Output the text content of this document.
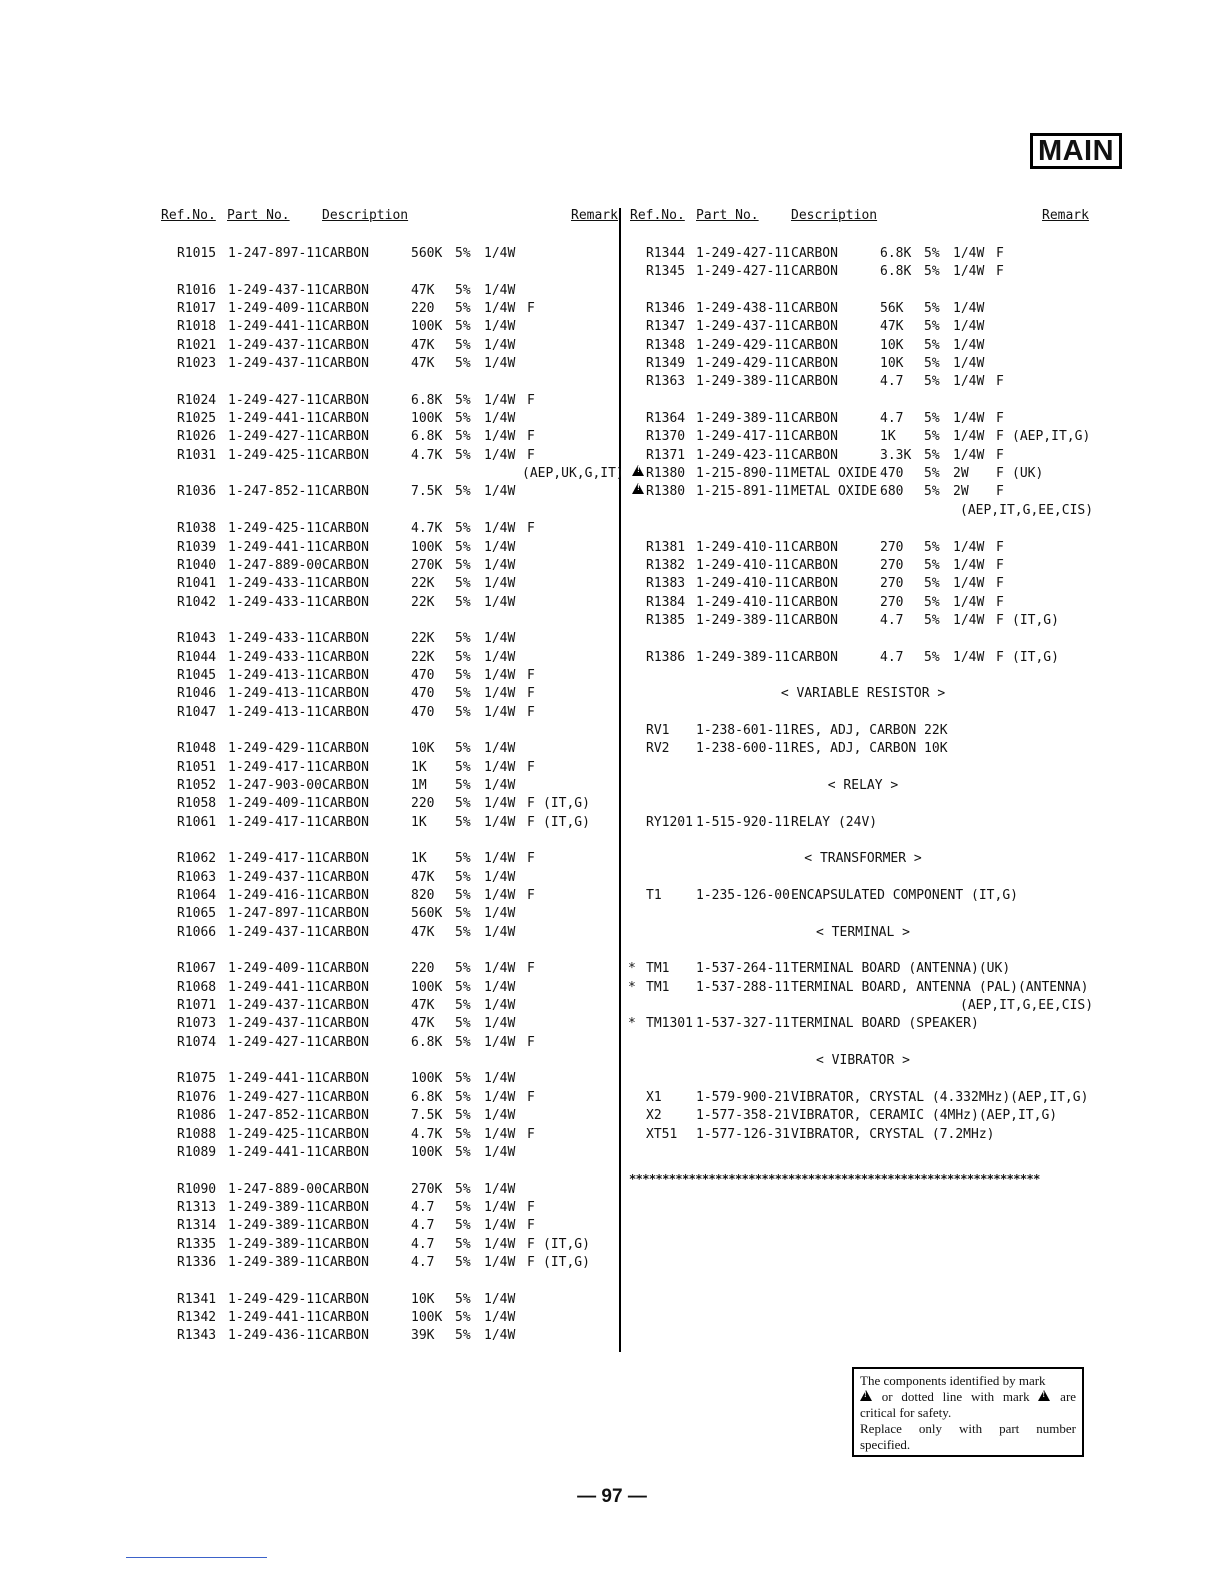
MAIN
Ref.No. Part No. Description	Remark Ref.No. Part No. Description	Remark
R1015 1-247-897-11 CARBON	560K 5% 1/4W
R1016 1-249-437-11 CARBON	47K 5% 1/4W
R1017 1-249-409-11 CARBON	220 5% 1/4W F
R1018 1-249-441-11 CARBON	100K 5% 1/4W
R1021 1-249-437-11 CARBON	47K 5% 1/4W
R1023 1-249-437-11 CARBON	47K 5% 1/4W
R1024 1-249-427-11 CARBON	6.8K 5% 1/4W F
R1025 1-249-441-11 CARBON	100K 5% 1/4W
R1026 1-249-427-11 CARBON	6.8K 5% 1/4W F
R1031 1-249-425-11 CARBON	4.7K 5% 1/4W F
(AEP,UK,G,IT)
R1036 1-247-852-11 CARBON	7.5K 5% 1/4W
R1038 1-249-425-11 CARBON	4.7K 5% 1/4W F
R1039 1-249-441-11 CARBON	100K 5% 1/4W
R1040 1-247-889-00 CARBON	270K 5% 1/4W
R1041 1-249-433-11 CARBON	22K 5% 1/4W
R1042 1-249-433-11 CARBON	22K 5% 1/4W
R1043 1-249-433-11 CARBON	22K 5% 1/4W
R1044 1-249-433-11 CARBON	22K 5% 1/4W
R1045 1-249-413-11 CARBON	470 5% 1/4W F
R1046 1-249-413-11 CARBON	470 5% 1/4W F
R1047 1-249-413-11 CARBON	470 5% 1/4W F
R1048 1-249-429-11 CARBON	10K 5% 1/4W
R1051 1-249-417-11 CARBON	1K 5% 1/4W F
R1052 1-247-903-00 CARBON	1M 5% 1/4W
R1058 1-249-409-11 CARBON	220 5% 1/4W F (IT,G)
R1061 1-249-417-11 CARBON	1K 5% 1/4W F (IT,G)
R1062 1-249-417-11 CARBON	1K 5% 1/4W F
R1063 1-249-437-11 CARBON	47K 5% 1/4W
R1064 1-249-416-11 CARBON	820 5% 1/4W F
R1065 1-247-897-11 CARBON	560K 5% 1/4W
R1066 1-249-437-11 CARBON	47K 5% 1/4W
R1067 1-249-409-11 CARBON	220 5% 1/4W F
R1068 1-249-441-11 CARBON	100K 5% 1/4W
R1071 1-249-437-11 CARBON	47K 5% 1/4W
R1073 1-249-437-11 CARBON	47K 5% 1/4W
R1074 1-249-427-11 CARBON	6.8K 5% 1/4W F
R1075 1-249-441-11 CARBON	100K 5% 1/4W
R1076 1-249-427-11 CARBON	6.8K 5% 1/4W F
R1086 1-247-852-11 CARBON	7.5K 5% 1/4W
R1088 1-249-425-11 CARBON	4.7K 5% 1/4W F
R1089 1-249-441-11 CARBON	100K 5% 1/4W
R1090 1-247-889-00 CARBON	270K 5% 1/4W
R1313 1-249-389-11 CARBON	4.7 5% 1/4W F
R1314 1-249-389-11 CARBON	4.7 5% 1/4W F
R1335 1-249-389-11 CARBON	4.7 5% 1/4W F (IT,G)
R1336 1-249-389-11 CARBON	4.7 5% 1/4W F (IT,G)
R1341 1-249-429-11 CARBON	10K 5% 1/4W
R1342 1-249-441-11 CARBON	100K 5% 1/4W
R1343 1-249-436-11 CARBON	39K 5% 1/4W
R1344 1-249-427-11 CARBON	6.8K 5% 1/4W F
R1345 1-249-427-11 CARBON	6.8K 5% 1/4W F
R1346 1-249-438-11 CARBON	56K 5% 1/4W
R1347 1-249-437-11 CARBON	47K 5% 1/4W
R1348 1-249-429-11 CARBON	10K 5% 1/4W
R1349 1-249-429-11 CARBON	10K 5% 1/4W
R1363 1-249-389-11 CARBON	4.7 5% 1/4W F
R1364 1-249-389-11 CARBON	4.7 5% 1/4W F
R1370 1-249-417-11 CARBON	1K 5% 1/4W F (AEP,IT,G)
R1371 1-249-423-11 CARBON	3.3K 5% 1/4W F
!
R1380 1-215-890-11 METAL OXIDE 470 5% 2W F (UK)
!
R1380 1-215-891-11 METAL OXIDE 680 5% 2W F
(AEP,IT,G,EE,CIS)
R1381 1-249-410-11 CARBON	270 5% 1/4W F
R1382 1-249-410-11 CARBON	270 5% 1/4W F
R1383 1-249-410-11 CARBON	270 5% 1/4W F
R1384 1-249-410-11 CARBON	270 5% 1/4W F
R1385 1-249-389-11 CARBON	4.7 5% 1/4W F (IT,G)
R1386 1-249-389-11 CARBON	4.7 5% 1/4W F (IT,G)
< VARIABLE RESISTOR >
RV1 1-238-601-11 RES, ADJ, CARBON 22K
RV2 1-238-600-11 RES, ADJ, CARBON 10K
< RELAY >
RY1201 1-515-920-11 RELAY (24V)
< TRANSFORMER >
T1	1-235-126-00 ENCAPSULATED COMPONENT (IT,G)
< TERMINAL >
* TM1 1-537-264-11 TERMINAL BOARD (ANTENNA)(UK)
* TM1 1-537-288-11 TERMINAL BOARD, ANTENNA (PAL)(ANTENNA)
(AEP,IT,G,EE,CIS)
* TM1301 1-537-327-11 TERMINAL BOARD (SPEAKER)
< VIBRATOR >
X1	1-579-900-21 VIBRATOR, CRYSTAL (4.332MHz)(AEP,IT,G)
X2	1-577-358-21 VIBRATOR, CERAMIC (4MHz)(AEP,IT,G)
XT51 1-577-126-31 VIBRATOR, CRYSTAL (7.2MHz)
**************************************************************

The components identified by mark

! or dotted line with mark ! are

critical for safety.

Replace only with part number

specified.

— 97 —
